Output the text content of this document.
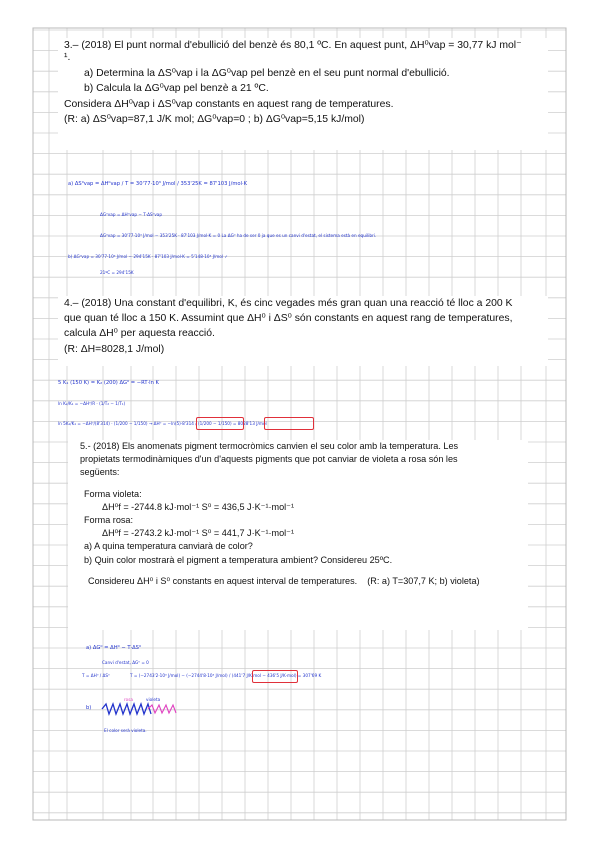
3.– (2018) El punt normal d'ebullició del benzè és 80,1 ºC. En aquest punt, ΔH⁰vap = 30,77 kJ mol⁻

¹.

a) Determina la ΔS⁰vap i la ΔG⁰vap pel benzè en el seu punt normal d'ebullició.

b) Calcula la ΔG⁰vap pel benzè a 21 ºC.

Considera ΔH⁰vap i ΔS⁰vap constants en aquest rang de temperatures.

(R: a) ΔS⁰vap=87,1 J/K mol; ΔG⁰vap=0 ; b) ΔG⁰vap=5,15 kJ/mol)

a) ΔS⁰vap = ΔH⁰vap / T = 30'77·10³ J/mol / 353'25K = 87'103 J/mol·K
ΔG⁰vap = ΔH⁰vap − T·ΔS⁰vap
ΔG⁰vap = 30'77·10³ J/mol − 353'25K · 87'103 J/mol·K = 0 La ΔG⁰ ha de ser 0 ja que es un canvi d'estat, el sistema està en equilibri.
b) ΔG⁰vap = 30'77·10³ J/mol − 294'15K · 87'103 J/mol·K = 5'148·10³ J/mol ✓
21ºC = 294'15K

4.– (2018) Una constant d'equilibri, K, és cinc vegades més gran quan una reacció té lloc a 200 K

que quan té lloc a 150 K. Assumint que ΔH⁰ i ΔS⁰ són constants en aquest rang de temperatures,

calcula ΔH⁰ per aquesta reacció.

(R: ΔH=8028,1 J/mol)

5 K₁ (150 K) = K₂ (200) ΔG⁰ = −RT·ln K
ln K₂/K₁ = −ΔH⁰/R · (1/T₂ − 1/T₁)
ln 5K₁/K₁ = −ΔH⁰/(8'314) · (1/200 − 1/150) → ΔH⁰ = −ln(5)·8'314 / (1/200 − 1/150) = 8028'13 J/mol

5.- (2018) Els anomenats pigment termocròmics canvien el seu color amb la temperatura. Les

propietats termodinàmiques d'un d'aquests pigments que pot canviar de violeta a rosa són les

següents:

Forma violeta:

ΔH⁰f = -2744.8 kJ·mol⁻¹ S⁰ = 436,5 J·K⁻¹·mol⁻¹

Forma rosa:

ΔH⁰f = -2743.2 kJ·mol⁻¹ S⁰ = 441,7 J·K⁻¹·mol⁻¹

a) A quina temperatura canviarà de color?

b) Quin color mostrarà el pigment a temperatura ambient? Considereu 25ºC.

Considereu ΔH⁰ i S⁰ constants en aquest interval de temperatures. (R: a) T=307,7 K; b) violeta)

a) ΔG⁰ = ΔH⁰ − T·ΔS⁰
Canvi d'estat, ΔG⁰ = 0
T = ΔH⁰ / ΔS⁰	T = (−2743'2·10³ J/mol) − (−2744'8·10³ J/mol) / (441'7 J/K·mol − 436'5 J/K·mol) = 307'69 K
b)
rosa	violeta
El color serà violeta.
